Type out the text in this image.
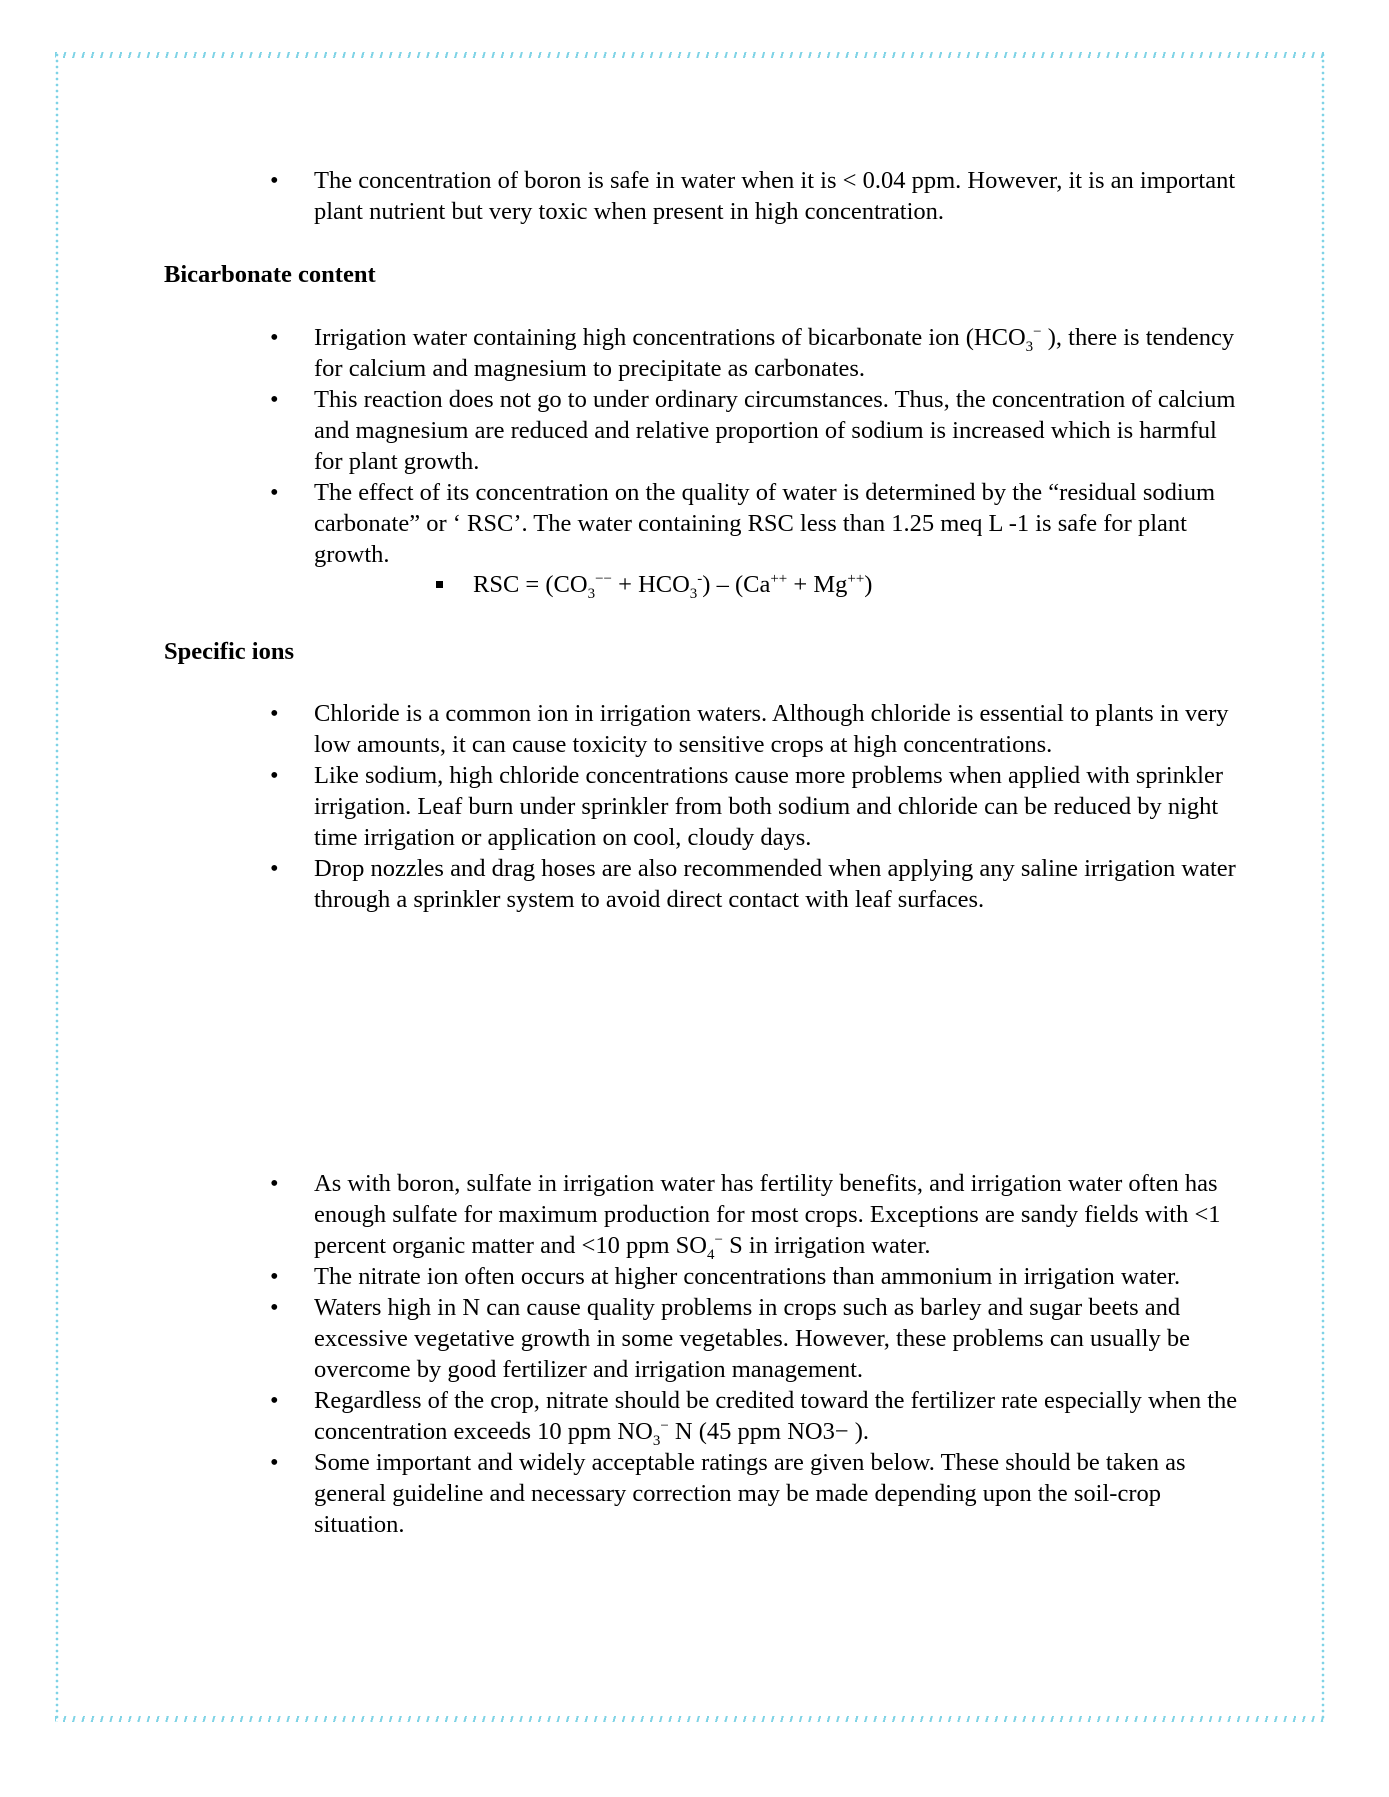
• The concentration of boron is safe in water when it is < 0.04 ppm. However, it is an important plant nutrient but very toxic when present in high concentration.
Bicarbonate content
• Irrigation water containing high concentrations of bicarbonate ion ($HCO_3^-$ ), there is tendency for calcium and magnesium to precipitate as carbonates.
• This reaction does not go to under ordinary circumstances. Thus, the concentration of calcium and magnesium are reduced and relative proportion of sodium is increased which is harmful for plant growth.
• The effect of its concentration on the quality of water is determined by the “residual sodium carbonate” or ‘ RSC’. The water containing RSC less than 1.25 meq L -1 is safe for plant growth.
RSC = $(CO_3^{--} + HCO_3^-) - (Ca^{++} + Mg^{++})$
Specific ions
• Chloride is a common ion in irrigation waters. Although chloride is essential to plants in very low amounts, it can cause toxicity to sensitive crops at high concentrations.
• Like sodium, high chloride concentrations cause more problems when applied with sprinkler irrigation. Leaf burn under sprinkler from both sodium and chloride can be reduced by night time irrigation or application on cool, cloudy days.
• Drop nozzles and drag hoses are also recommended when applying any saline irrigation water through a sprinkler system to avoid direct contact with leaf surfaces.
• As with boron, sulfate in irrigation water has fertility benefits, and irrigation water often has enough sulfate for maximum production for most crops. Exceptions are sandy fields with <1 percent organic matter and <10 ppm $SO_4^-$ S in irrigation water.
• The nitrate ion often occurs at higher concentrations than ammonium in irrigation water.
• Waters high in N can cause quality problems in crops such as barley and sugar beets and excessive vegetative growth in some vegetables. However, these problems can usually be overcome by good fertilizer and irrigation management.
• Regardless of the crop, nitrate should be credited toward the fertilizer rate especially when the concentration exceeds 10 ppm $NO_3^-$ N (45 ppm NO3− ).
• Some important and widely acceptable ratings are given below. These should be taken as general guideline and necessary correction may be made depending upon the soil-crop situation.
